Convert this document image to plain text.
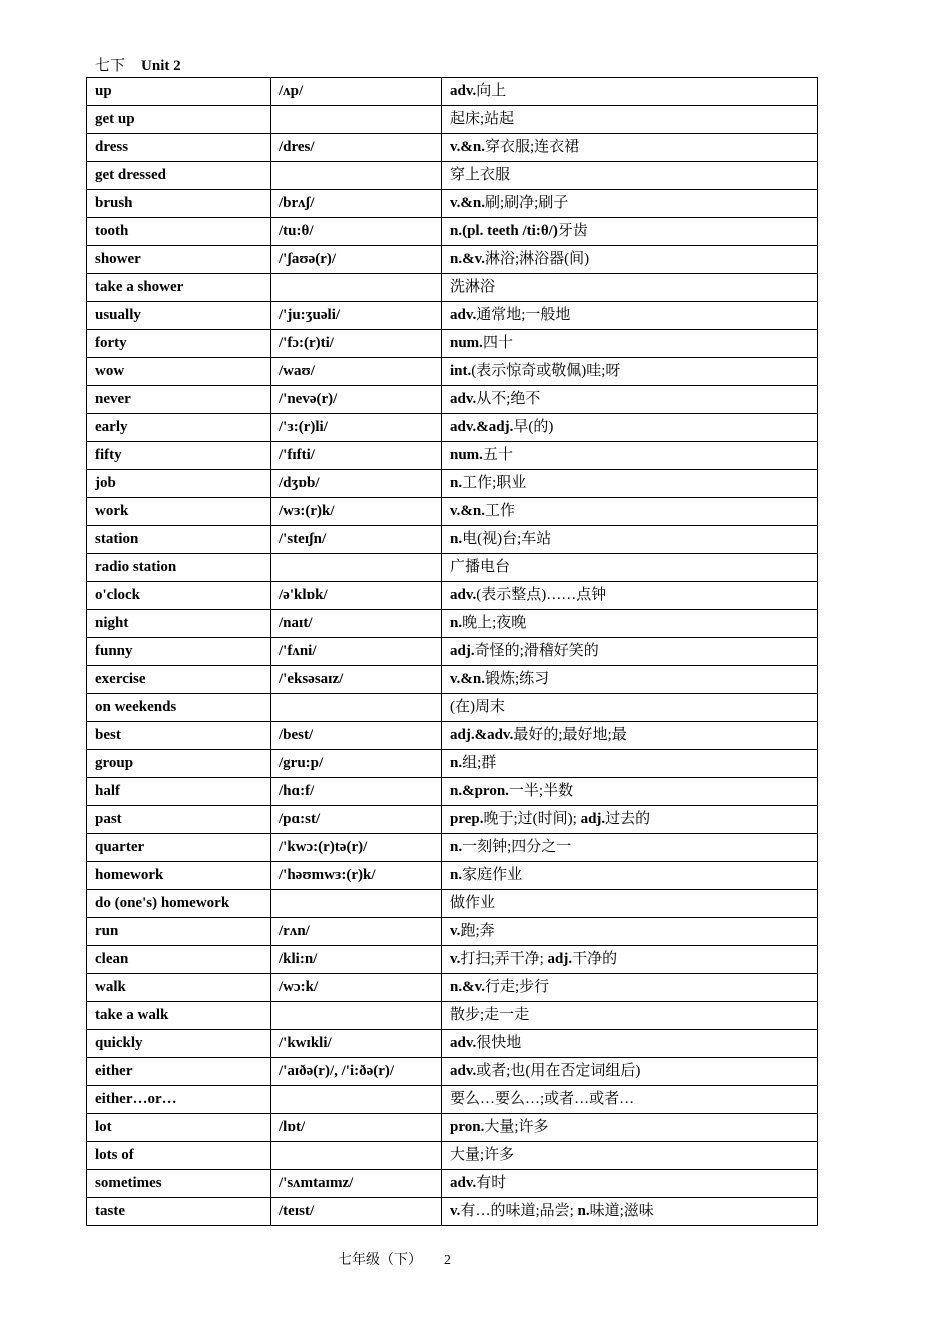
七下 Unit 2
up	/ʌp/	adv.向上
get up		起床;站起
dress	/dres/	v.&n.穿衣服;连衣裙
get dressed		穿上衣服
brush	/brʌʃ/	v.&n.刷;刷净;刷子
tooth	/tu:θ/	n.(pl. teeth /ti:θ/)牙齿
shower	/'ʃaʊə(r)/	n.&v.淋浴;淋浴器(间)
take a shower		洗淋浴
usually	/'ju:ʒuəli/	adv.通常地;一般地
forty	/'fɔ:(r)ti/	num.四十
wow	/waʊ/	int.(表示惊奇或敬佩)哇;呀
never	/'nevə(r)/	adv.从不;绝不
early	/'ɜ:(r)li/	adv.&adj.早(的)
fifty	/'fɪfti/	num.五十
job	/dʒɒb/	n.工作;职业
work	/wɜ:(r)k/	v.&n.工作
station	/'steɪʃn/	n.电(视)台;车站
radio station		广播电台
o'clock	/ə'klɒk/	adv.(表示整点)……点钟
night	/naɪt/	n.晚上;夜晚
funny	/'fʌni/	adj.奇怪的;滑稽好笑的
exercise	/'eksəsaɪz/	v.&n.锻炼;练习
on weekends		(在)周末
best	/best/	adj.&adv.最好的;最好地;最
group	/gru:p/	n.组;群
half	/hɑ:f/	n.&pron.一半;半数
past	/pɑ:st/	prep.晚于;过(时间); adj.过去的
quarter	/'kwɔ:(r)tə(r)/	n.一刻钟;四分之一
homework	/'həʊmwɜ:(r)k/	n.家庭作业
do (one's) homework		做作业
run	/rʌn/	v.跑;奔
clean	/kli:n/	v.打扫;弄干净; adj.干净的
walk	/wɔ:k/	n.&v.行走;步行
take a walk		散步;走一走
quickly	/'kwɪkli/	adv.很快地
either	/'aɪðə(r)/, /'i:ðə(r)/	adv.或者;也(用在否定词组后)
either…or…		要么…要么…;或者…或者…
lot	/lɒt/	pron.大量;许多
lots of		大量;许多
sometimes	/'sʌmtaɪmz/	adv.有时
taste	/teɪst/	v.有…的味道;品尝; n.味道;滋味
七年级（下） 2
